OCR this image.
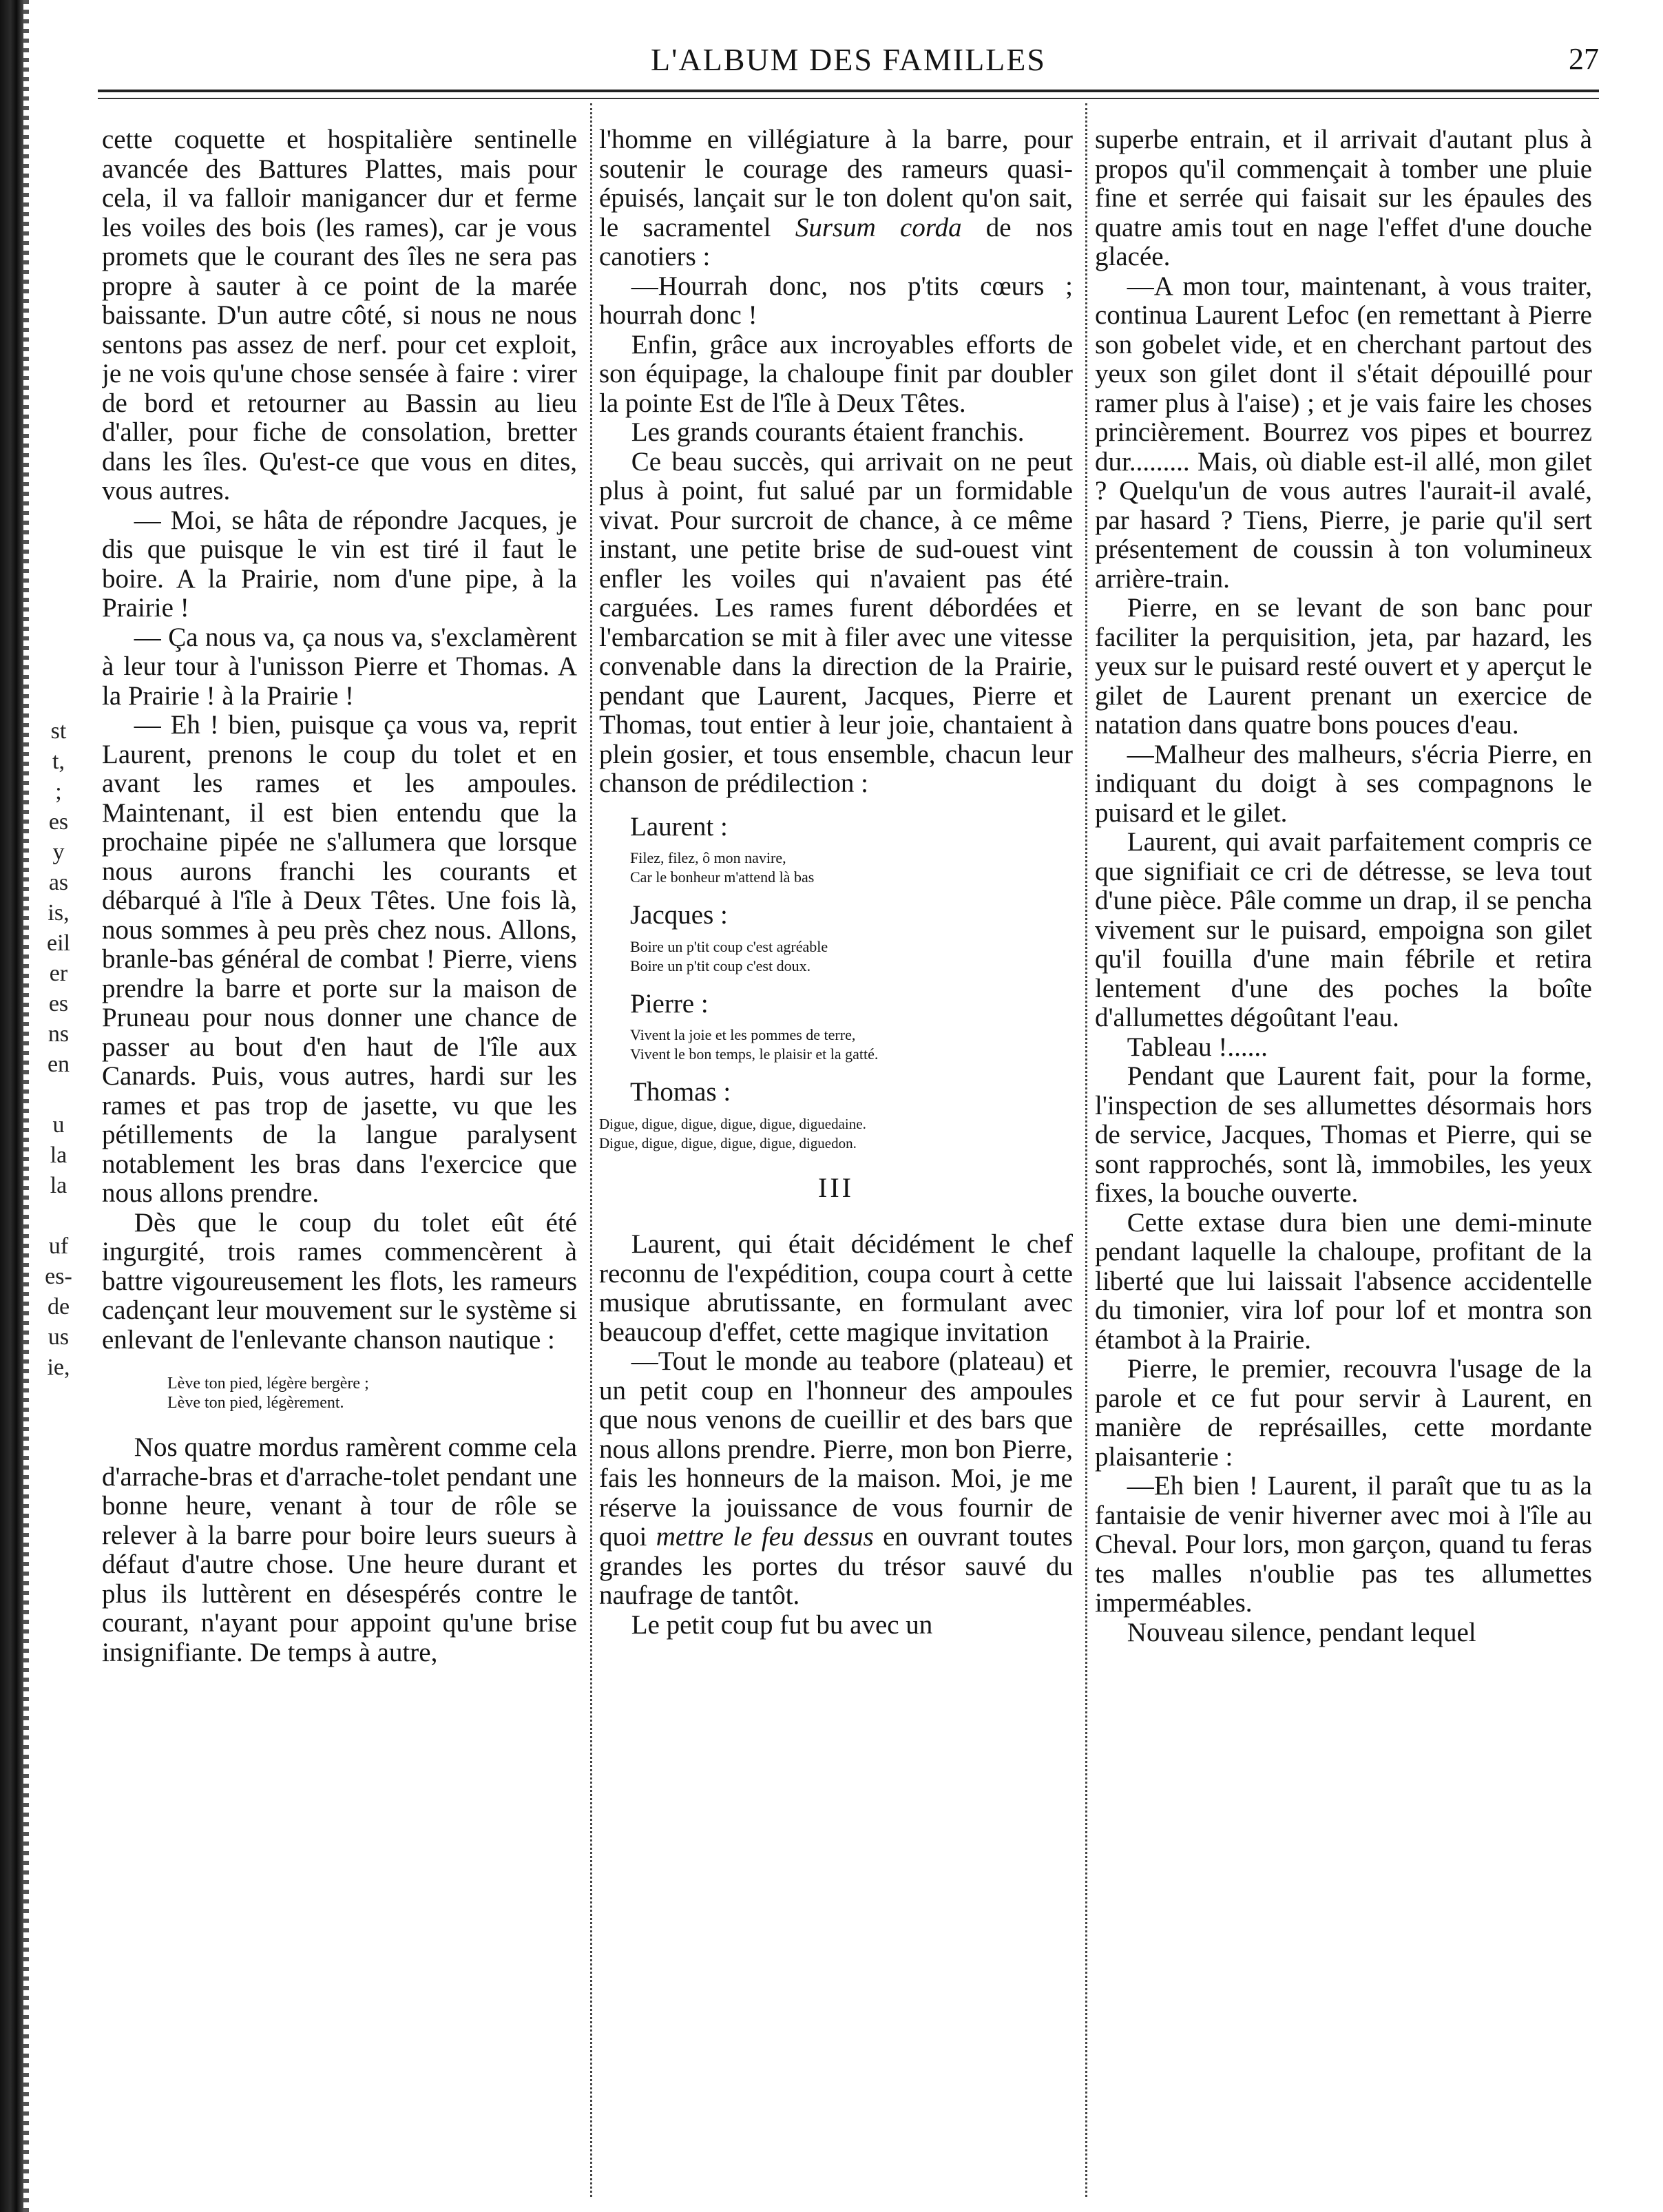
st
t,
;
es
y
as
is,
eil
er
es
ns
en
u
la
la
uf
es-
de
us
ie,
L'ALBUM DES FAMILLES	27

cette coquette et hospitalière sentinelle avancée des Battures Plattes, mais pour cela, il va falloir manigancer dur et ferme les voiles des bois (les rames), car je vous promets que le courant des îles ne sera pas propre à sauter à ce point de la marée baissante. D'un autre côté, si nous ne nous sentons pas assez de nerf. pour cet exploit, je ne vois qu'une chose sensée à faire : virer de bord et retourner au Bassin au lieu d'aller, pour fiche de consolation, bretter dans les îles. Qu'est-ce que vous en dites, vous autres.

— Moi, se hâta de répondre Jacques, je dis que puisque le vin est tiré il faut le boire. A la Prairie, nom d'une pipe, à la Prairie !

— Ça nous va, ça nous va, s'exclamèrent à leur tour à l'unisson Pierre et Thomas. A la Prairie ! à la Prairie !

— Eh ! bien, puisque ça vous va, reprit Laurent, prenons le coup du tolet et en avant les rames et les ampoules. Maintenant, il est bien entendu que la prochaine pipée ne s'allumera que lorsque nous aurons franchi les courants et débarqué à l'île à Deux Têtes. Une fois là, nous sommes à peu près chez nous. Allons, branle-bas général de combat ! Pierre, viens prendre la barre et porte sur la maison de Pruneau pour nous donner une chance de passer au bout d'en haut de l'île aux Canards. Puis, vous autres, hardi sur les rames et pas trop de jasette, vu que les pétillements de la langue paralysent notablement les bras dans l'exercice que nous allons prendre.

Dès que le coup du tolet eût été ingurgité, trois rames commencèrent à battre vigoureusement les flots, les rameurs cadençant leur mouvement sur le système si enlevant de l'enlevante chanson nautique :

Lève ton pied, légère bergère ;
Lève ton pied, légèrement.

Nos quatre mordus ramèrent comme cela d'arrache-bras et d'arrache-tolet pendant une bonne heure, venant à tour de rôle se relever à la barre pour boire leurs sueurs à défaut d'autre chose. Une heure durant et plus ils luttèrent en désespérés contre le courant, n'ayant pour appoint qu'une brise insignifiante. De temps à autre,

l'homme en villégiature à la barre, pour soutenir le courage des rameurs quasi-épuisés, lançait sur le ton dolent qu'on sait, le sacramentel Sursum corda de nos canotiers :

—Hourrah donc, nos p'tits cœurs ; hourrah donc !

Enfin, grâce aux incroyables efforts de son équipage, la chaloupe finit par doubler la pointe Est de l'île à Deux Têtes.

Les grands courants étaient franchis.

Ce beau succès, qui arrivait on ne peut plus à point, fut salué par un formidable vivat. Pour surcroit de chance, à ce même instant, une petite brise de sud-ouest vint enfler les voiles qui n'avaient pas été carguées. Les rames furent débordées et l'embarcation se mit à filer avec une vitesse convenable dans la direction de la Prairie, pendant que Laurent, Jacques, Pierre et Thomas, tout entier à leur joie, chantaient à plein gosier, et tous ensemble, chacun leur chanson de prédilection :

Laurent :
Filez, filez, ô mon navire,
Car le bonheur m'attend là bas
Jacques :
Boire un p'tit coup c'est agréable
Boire un p'tit coup c'est doux.
Pierre :
Vivent la joie et les pommes de terre,
Vivent le bon temps, le plaisir et la gatté.
Thomas :
Digue, digue, digue, digue, digue, diguedaine.
Digue, digue, digue, digue, digue, diguedon.
III

Laurent, qui était décidément le chef reconnu de l'expédition, coupa court à cette musique abrutissante, en formulant avec beaucoup d'effet, cette magique invitation

—Tout le monde au teabore (plateau) et un petit coup en l'honneur des ampoules que nous venons de cueillir et des bars que nous allons prendre. Pierre, mon bon Pierre, fais les honneurs de la maison. Moi, je me réserve la jouissance de vous fournir de quoi mettre le feu dessus en ouvrant toutes grandes les portes du trésor sauvé du naufrage de tantôt.

Le petit coup fut bu avec un

superbe entrain, et il arrivait d'autant plus à propos qu'il commençait à tomber une pluie fine et serrée qui faisait sur les épaules des quatre amis tout en nage l'effet d'une douche glacée.

—A mon tour, maintenant, à vous traiter, continua Laurent Lefoc (en remettant à Pierre son gobelet vide, et en cherchant partout des yeux son gilet dont il s'était dépouillé pour ramer plus à l'aise) ; et je vais faire les choses princièrement. Bourrez vos pipes et bourrez dur......... Mais, où diable est-il allé, mon gilet ? Quelqu'un de vous autres l'aurait-il avalé, par hasard ? Tiens, Pierre, je parie qu'il sert présentement de coussin à ton volumineux arrière-train.

Pierre, en se levant de son banc pour faciliter la perquisition, jeta, par hazard, les yeux sur le puisard resté ouvert et y aperçut le gilet de Laurent prenant un exercice de natation dans quatre bons pouces d'eau.

—Malheur des malheurs, s'écria Pierre, en indiquant du doigt à ses compagnons le puisard et le gilet.

Laurent, qui avait parfaitement compris ce que signifiait ce cri de détresse, se leva tout d'une pièce. Pâle comme un drap, il se pencha vivement sur le puisard, empoigna son gilet qu'il fouilla d'une main fébrile et retira lentement d'une des poches la boîte d'allumettes dégoûtant l'eau.

Tableau !......

Pendant que Laurent fait, pour la forme, l'inspection de ses allumettes désormais hors de service, Jacques, Thomas et Pierre, qui se sont rapprochés, sont là, immobiles, les yeux fixes, la bouche ouverte.

Cette extase dura bien une demi-minute pendant laquelle la chaloupe, profitant de la liberté que lui laissait l'absence accidentelle du timonier, vira lof pour lof et montra son étambot à la Prairie.

Pierre, le premier, recouvra l'usage de la parole et ce fut pour servir à Laurent, en manière de représailles, cette mordante plaisanterie :

—Eh bien ! Laurent, il paraît que tu as la fantaisie de venir hiverner avec moi à l'île au Cheval. Pour lors, mon garçon, quand tu feras tes malles n'oublie pas tes allumettes imperméables.

Nouveau silence, pendant lequel
